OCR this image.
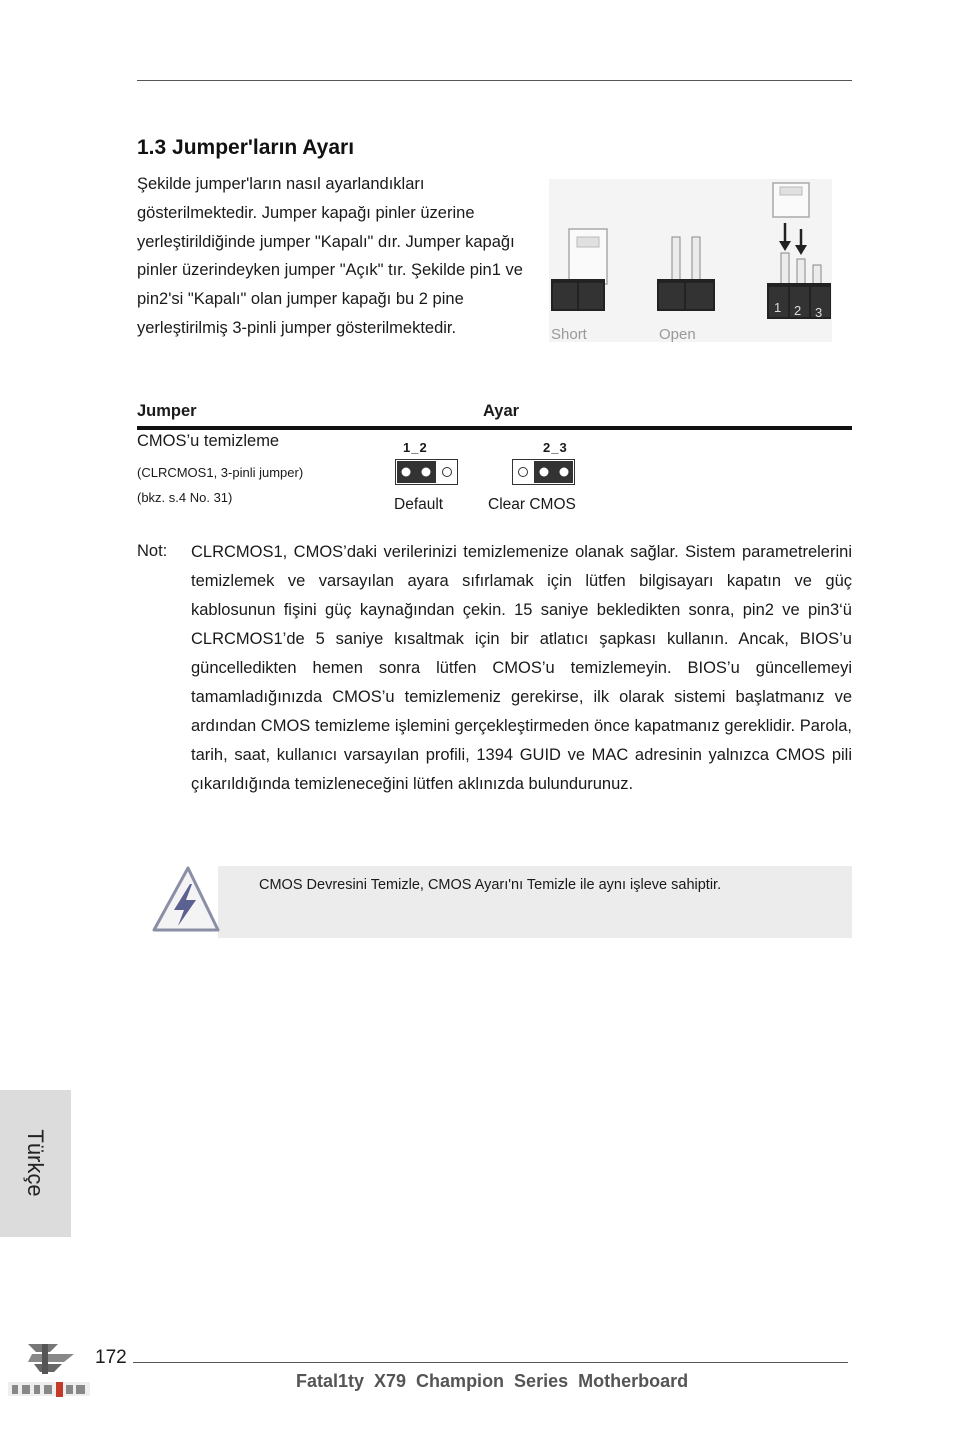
1.3 Jumper'ların Ayarı

Şekilde jumper'ların nasıl ayarlandıkları gösterilmektedir. Jumper kapağı pinler üzerine yerleştirildiğinde jumper "Kapalı" dır. Jumper kapağı pinler üzerindeyken jumper "Açık" tır. Şekilde pin1 ve pin2'si "Kapalı" olan jumper kapağı bu 2 pine yerleştirilmiş 3-pinli jumper gösterilmektedir.	Short	Open
1 2 3

Jumper	Ayar

CMOS’u temizleme

(CLRCMOS1, 3-pinli jumper)

(bkz. s.4 No. 31)

1_2

Default

2_3

Clear CMOS

Not: CLRCMOS1, CMOS’daki verilerinizi temizlemenize olanak sağlar. Sistem parametrelerini temizlemek ve varsayılan ayara sıfırlamak için lütfen bilgisayarı kapatın ve güç kablosunun fişini güç kaynağından çekin. 15 saniye bekledikten sonra, pin2 ve pin3‘ü CLRCMOS1’de 5 saniye kısaltmak için bir atlatıcı şapkası kullanın. Ancak, BIOS’u güncelledikten hemen sonra lütfen CMOS’u temizlemeyin. BIOS’u güncellemeyi tamamladığınızda CMOS’u temizlemeniz gerekirse, ilk olarak sistemi başlatmanız ve ardından CMOS temizleme işlemini gerçekleştirmeden önce kapatmanız gereklidir. Parola, tarih, saat, kullanıcı varsayılan profili, 1394 GUID ve MAC adresinin yalnızca CMOS pili çıkarıldığında temizleneceğini lütfen aklınızda bulundurunuz.

CMOS Devresini Temizle, CMOS Ayarı'nı Temizle ile aynı işleve sahiptir.

Türkçe

172

Fatal1ty X79 Champion Series Motherboard
